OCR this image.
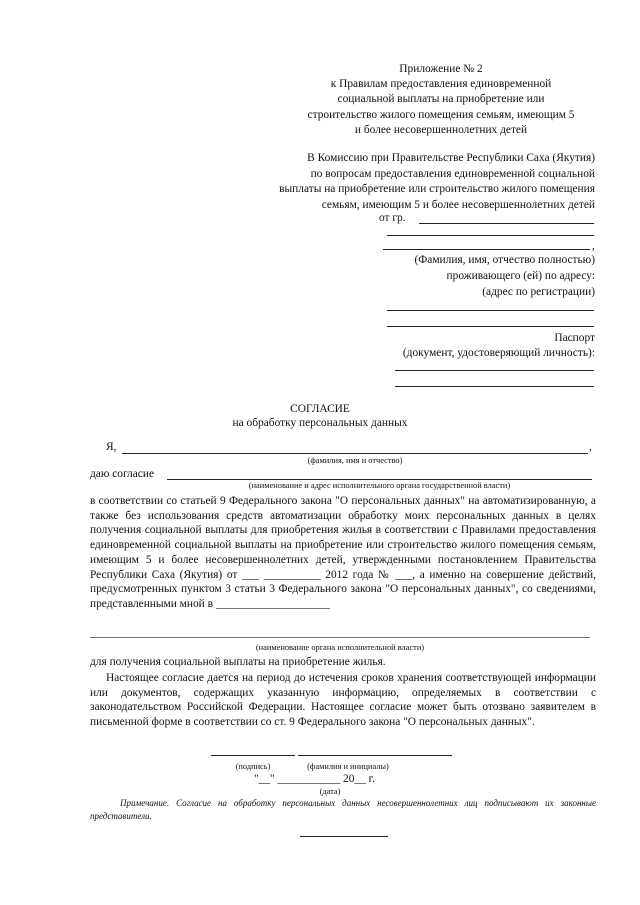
Приложение № 2
к Правилам предоставления единовременной
социальной выплаты на приобретение или
строительство жилого помещения семьям, имеющим 5
и более несовершеннолетних детей
В Комиссию при Правительстве Республики Саха (Якутия)
по вопросам предоставления единовременной социальной
выплаты на приобретение или строительство жилого помещения
семьям, имеющим 5 и более несовершеннолетних детей
от гр.
,
(Фамилия, имя, отчество полностью)
проживающего (ей) по адресу:
(адрес по регистрации)
Паспорт
(документ, удостоверяющий личность):
СОГЛАСИЕ
на обработку персональных данных
Я,	,
(фамилия, имя и отчество)
даю согласие
(наименование и адрес исполнительного органа государственной власти)
в соответствии со статьей 9 Федерального закона "О персональных данных" на автоматизированную, а также без использования средств автоматизации обработку моих персональных данных в целях получения социальной выплаты для приобретения жилья в соответствии с Правилами предоставления единовременной социальной выплаты на приобретение или строительство жилого помещения семьям, имеющим 5 и более несовершеннолетних детей, утвержденными постановлением Правительства Республики Саха (Якутия) от ___ __________ 2012 года № ___, а именно на совершение действий, предусмотренных пунктом 3 статьи 3 Федерального закона "О персональных данных", со сведениями, представленными мной в ____________________
(наименование органа исполнительной власти)
для получения социальной выплаты на приобретение жилья.
Настоящее согласие дается на период до истечения сроков хранения соответствующей информации или документов, содержащих указанную информацию, определяемых в соответствии с законодательством Российской Федерации. Настоящее согласие может быть отозвано заявителем в письменной форме в соответствии со ст. 9 Федерального закона "О персональных данных".
(подпись)	(фамилия и инициалы)
"__" ___________ 20__ г.
(дата)
Примечание. Согласие на обработку персональных данных несовершеннолетних лиц подписывают их законные представители.
